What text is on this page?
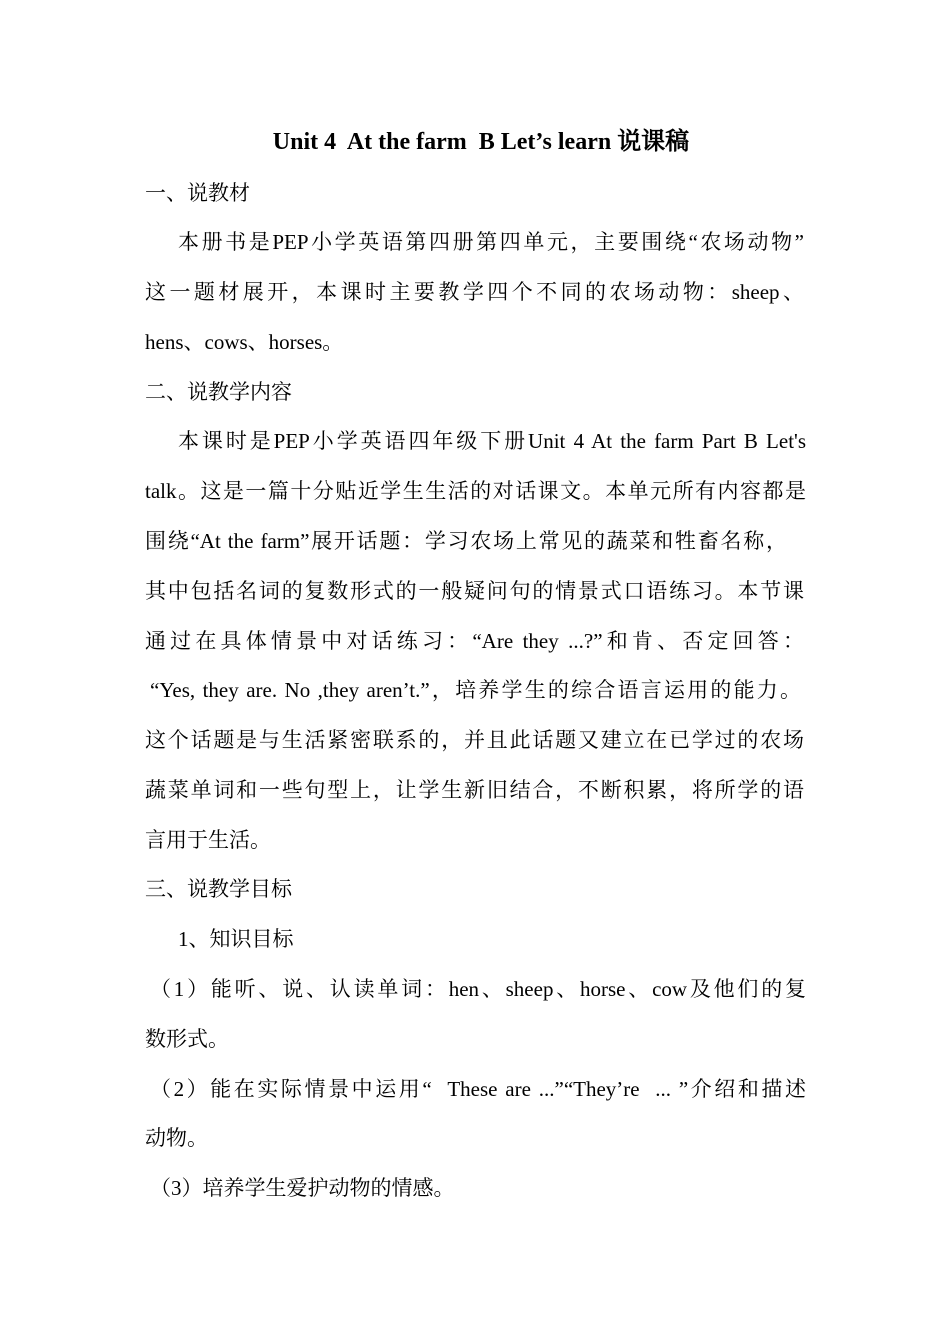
Unit 4  At the farm  B Let’s learn 说课稿
一、说教材
本册书是PEP小学英语第四册第四单元，主要围绕“农场动物”
这一题材展开，本课时主要教学四个不同的农场动物：sheep、
hens、cows、horses。
二、说教学内容
本课时是PEP小学英语四年级下册Unit 4 At the farm Part B Let's
talk。这是一篇十分贴近学生生活的对话课文。本单元所有内容都是
围绕“At the farm”展开话题：学习农场上常见的蔬菜和牲畜名称，
其中包括名词的复数形式的一般疑问句的情景式口语练习。本节课
通过在具体情景中对话练习：“Are they ...?”和肯、否定回答：
“Yes, they are. No ,they aren’t.”，培养学生的综合语言运用的能力。
这个话题是与生活紧密联系的，并且此话题又建立在已学过的农场
蔬菜单词和一些句型上，让学生新旧结合，不断积累，将所学的语
言用于生活。
三、说教学目标
1、知识目标
（1）能听、说、认读单词：hen、sheep、horse、cow及他们的复
数形式。
（2）能在实际情景中运用“  These are ...”“They’re  ... ”介绍和描述
动物。
（3）培养学生爱护动物的情感。
